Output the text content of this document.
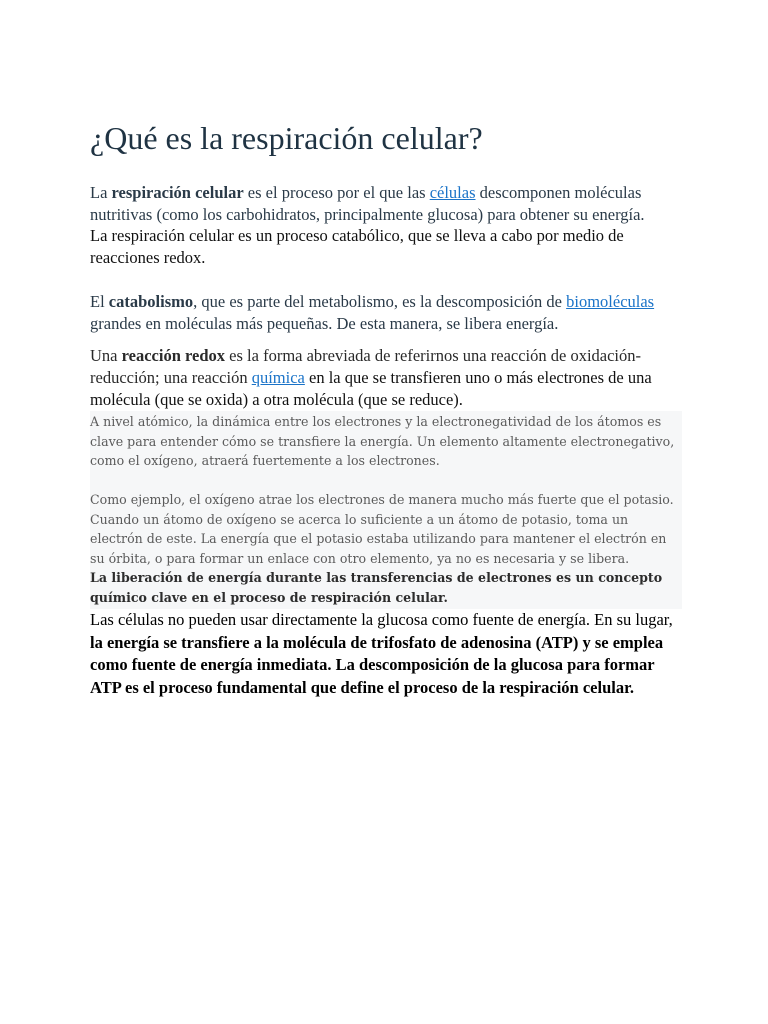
¿Qué es la respiración celular?

La respiración celular es el proceso por el que las células descomponen moléculas nutritivas (como los carbohidratos, principalmente glucosa) para obtener su energía.

La respiración celular es un proceso catabólico, que se lleva a cabo por medio de reacciones redox.

El catabolismo, que es parte del metabolismo, es la descomposición de biomoléculas grandes en moléculas más pequeñas. De esta manera, se libera energía.

Una reacción redox es la forma abreviada de referirnos una reacción de oxidación-reducción; una reacción química en la que se transfieren uno o más electrones de una molécula (que se oxida) a otra molécula (que se reduce).

A nivel atómico, la dinámica entre los electrones y la electronegatividad de los átomos es clave para entender cómo se transfiere la energía. Un elemento altamente electronegativo, como el oxígeno, atraerá fuertemente a los electrones.

Como ejemplo, el oxígeno atrae los electrones de manera mucho más fuerte que el potasio. Cuando un átomo de oxígeno se acerca lo suficiente a un átomo de potasio, toma un electrón de este. La energía que el potasio estaba utilizando para mantener el electrón en su órbita, o para formar un enlace con otro elemento, ya no es necesaria y se libera.

La liberación de energía durante las transferencias de electrones es un concepto químico clave en el proceso de respiración celular.

Las células no pueden usar directamente la glucosa como fuente de energía. En su lugar, la energía se transfiere a la molécula de trifosfato de adenosina (ATP) y se emplea como fuente de energía inmediata. La descomposición de la glucosa para formar ATP es el proceso fundamental que define el proceso de la respiración celular.
